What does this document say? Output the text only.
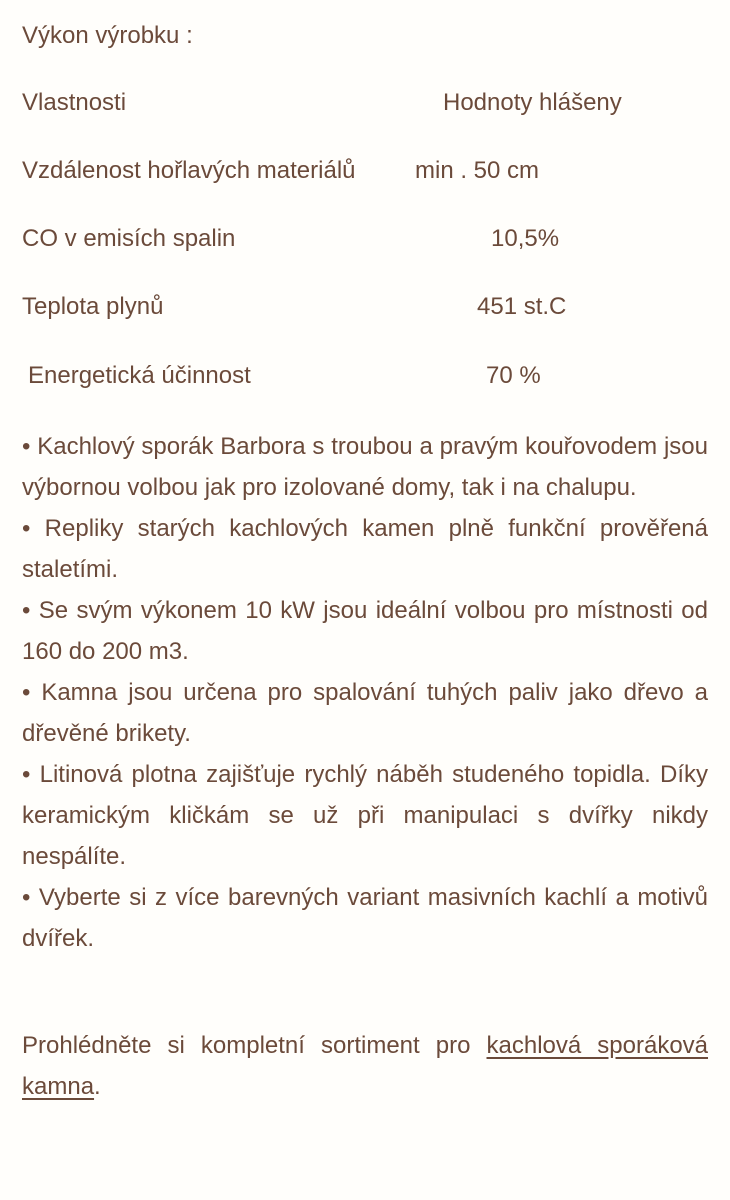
Výkon výrobku :
Vlastnosti	Hodnoty hlášeny
Vzdálenost hořlavých materiálů min . 50 cm
CO v emisích spalin	10,5%
Teplota plynů	451 st.C
Energetická účinnost	70 %

• Kachlový sporák Barbora s troubou a pravým kouřovodem jsou výbornou volbou jak pro izolované domy, tak i na chalupu.

• Repliky starých kachlových kamen plně funkční prověřená staletími.

• Se svým výkonem 10 kW jsou ideální volbou pro místnosti od 160 do 200 m3.

• Kamna jsou určena pro spalování tuhých paliv jako dřevo a dřevěné brikety.

• Litinová plotna zajišťuje rychlý náběh studeného topidla. Díky keramickým kličkám se už při manipulaci s dvířky nikdy nespálíte.

• Vyberte si z více barevných variant masivních kachlí a motivů dvířek.

Prohlédněte si kompletní sortiment pro kachlová sporáková kamna.
